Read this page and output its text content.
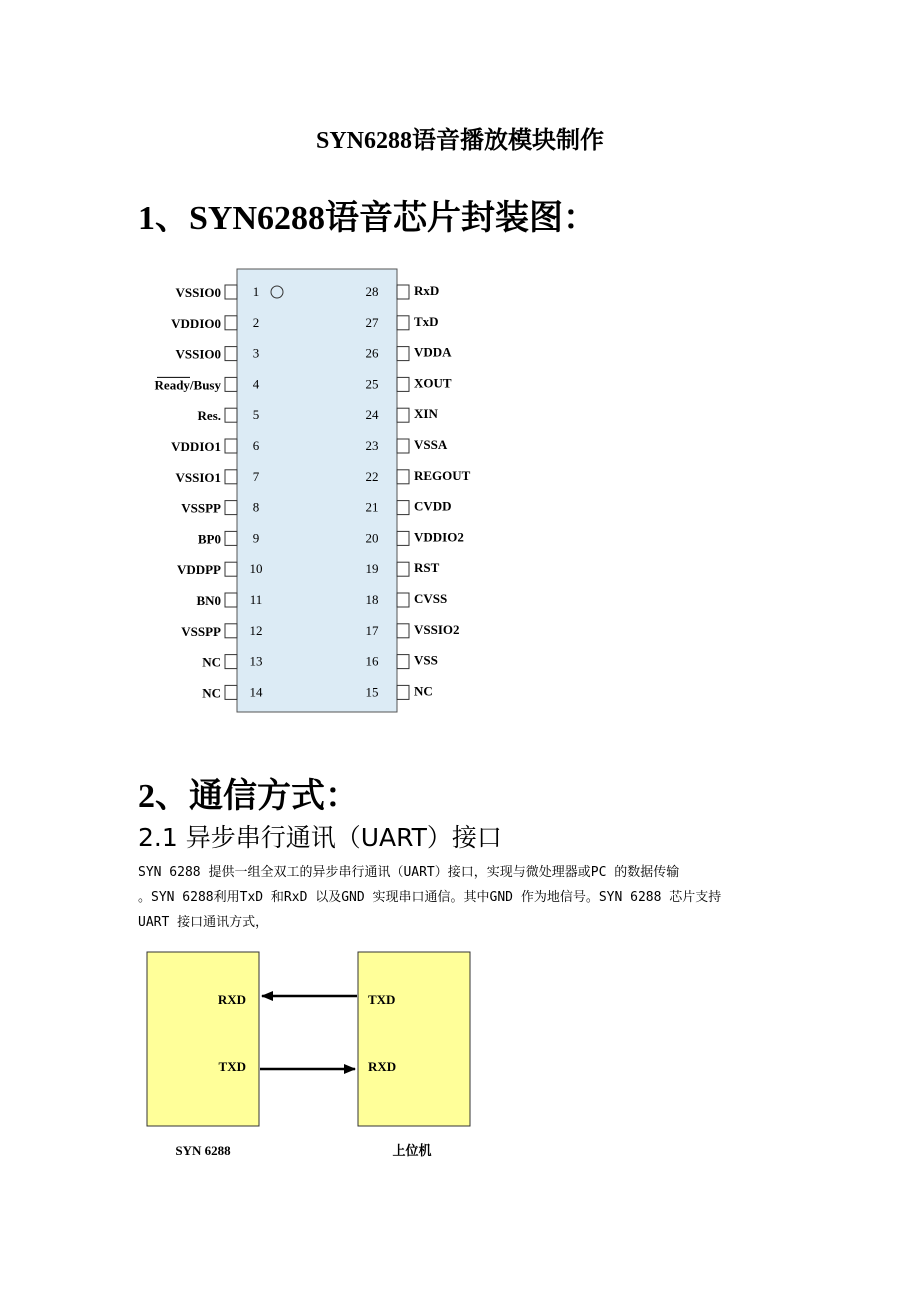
SYN6288语音播放模块制作
1、SYN6288语音芯片封装图：
VSSIO0 1
VDDIO0 2
VSSIO0 3
Ready/Busy 4
Res. 5
VDDIO1 6
VSSIO1 7
VSSPP 8
BP0 9
VDDPP 10
BN0 11
VSSPP 12
NC 13
NC 14
RxD
28
TxD
27
VDDA
26
XOUT
25
XIN
24
VSSA
23
REGOUT
22
CVDD
21
VDDIO2
20
RST
19
CVSS
18
VSSIO2
17
VSS
16
NC
15
2、通信方式：
2.1 异步串行通讯（UART）接口
SYN 6288 提供一组全双工的异步串行通讯（UART）接口，实现与微处理器或PC 的数据传输
。SYN 6288利用TxD 和RxD 以及GND 实现串口通信。其中GND 作为地信号。SYN 6288 芯片支持
UART 接口通讯方式，
RXD
TXD
TXD
RXD
SYN 6288	上位机
